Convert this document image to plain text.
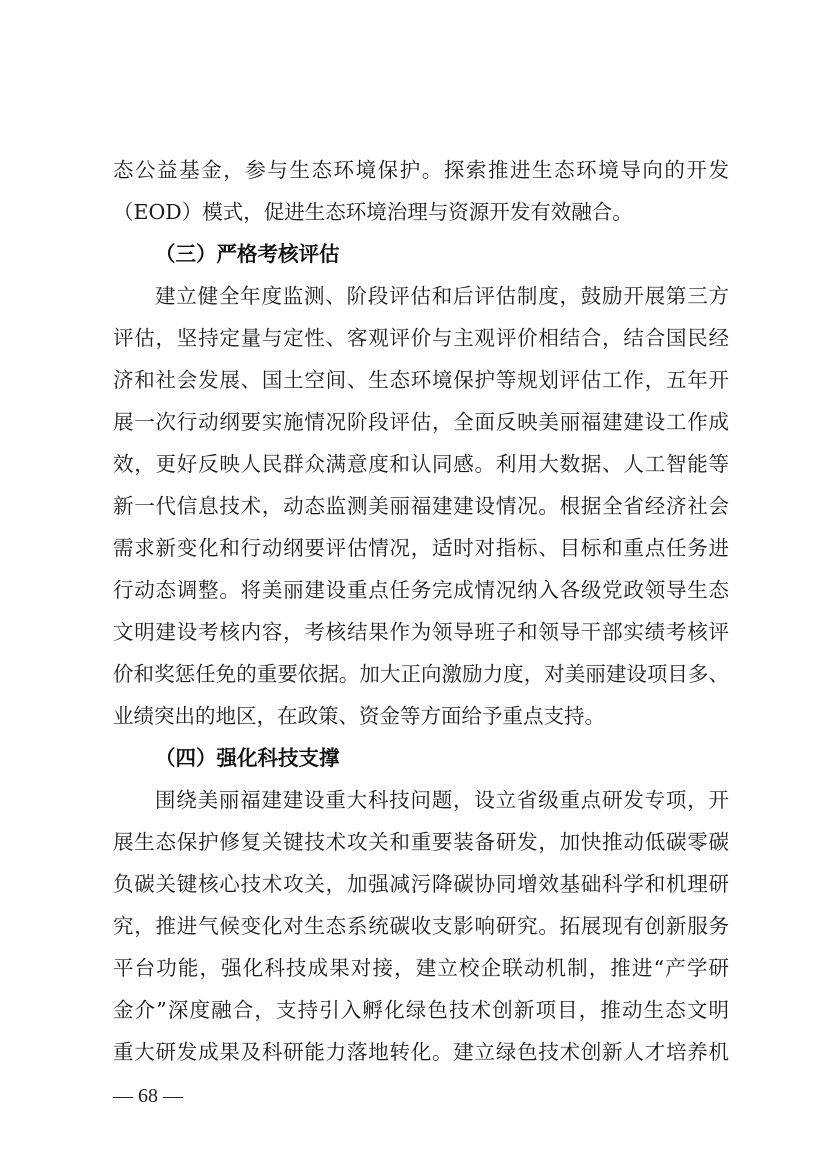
态公益基金，参与生态环境保护。探索推进生态环境导向的开发
（EOD）模式，促进生态环境治理与资源开发有效融合。
（三）严格考核评估
建立健全年度监测、阶段评估和后评估制度，鼓励开展第三方
评估，坚持定量与定性、客观评价与主观评价相结合，结合国民经
济和社会发展、国土空间、生态环境保护等规划评估工作，五年开
展一次行动纲要实施情况阶段评估，全面反映美丽福建建设工作成
效，更好反映人民群众满意度和认同感。利用大数据、人工智能等
新一代信息技术，动态监测美丽福建建设情况。根据全省经济社会
需求新变化和行动纲要评估情况，适时对指标、目标和重点任务进
行动态调整。将美丽建设重点任务完成情况纳入各级党政领导生态
文明建设考核内容，考核结果作为领导班子和领导干部实绩考核评
价和奖惩任免的重要依据。加大正向激励力度，对美丽建设项目多、
业绩突出的地区，在政策、资金等方面给予重点支持。
（四）强化科技支撑
围绕美丽福建建设重大科技问题，设立省级重点研发专项，开
展生态保护修复关键技术攻关和重要装备研发，加快推动低碳零碳
负碳关键核心技术攻关，加强减污降碳协同增效基础科学和机理研
究，推进气候变化对生态系统碳收支影响研究。拓展现有创新服务
平台功能，强化科技成果对接，建立校企联动机制，推进“产学研
金介”深度融合，支持引入孵化绿色技术创新项目，推动生态文明
重大研发成果及科研能力落地转化。建立绿色技术创新人才培养机
— 68 —
